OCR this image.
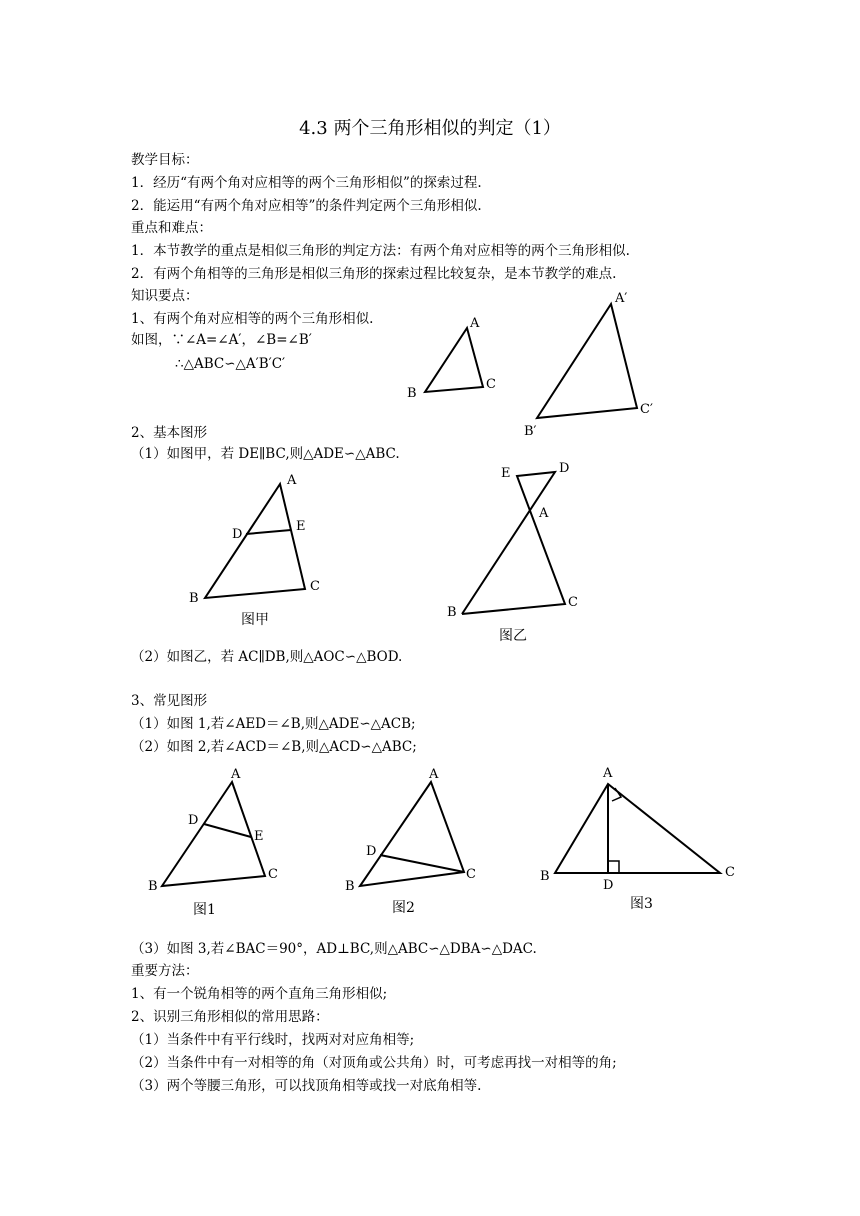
4.3 两个三角形相似的判定（1）
教学目标：
1．经历“有两个角对应相等的两个三角形相似”的探索过程.
2．能运用“有两个角对应相等”的条件判定两个三角形相似.
重点和难点：
1．本节教学的重点是相似三角形的判定方法：有两个角对应相等的两个三角形相似.
2．有两个角相等的三角形是相似三角形的探索过程比较复杂，是本节教学的难点.
知识要点：
1、有两个角对应相等的两个三角形相似.
如图，∵∠A=∠A′，∠B=∠B′
∴△ABC∽△A′B′C′
2、基本图形
（1）如图甲，若 DE∥BC,则△ADE∽△ABC.
（2）如图乙，若 AC∥DB,则△AOC∽△BOD.
3、常见图形
（1）如图 1,若∠AED＝∠B,则△ADE∽△ACB;
（2）如图 2,若∠ACD＝∠B,则△ACD∽△ABC;
（3）如图 3,若∠BAC＝90°，AD⊥BC,则△ABC∽△DBA∽△DAC.
重要方法：
1、有一个锐角相等的两个直角三角形相似;
2、识别三角形相似的常用思路：
（1）当条件中有平行线时，找两对对应角相等;
（2）当条件中有一对相等的角（对顶角或公共角）时，可考虑再找一对相等的角;
（3）两个等腰三角形，可以找顶角相等或找一对底角相等.
A
B
C
A′
B′
C′
A
D
E
B
C
图甲
E	D
A
B
C
图乙
A
D
E
B
C
图1
A
D
B
C
图2
A
B
D
C
图3
